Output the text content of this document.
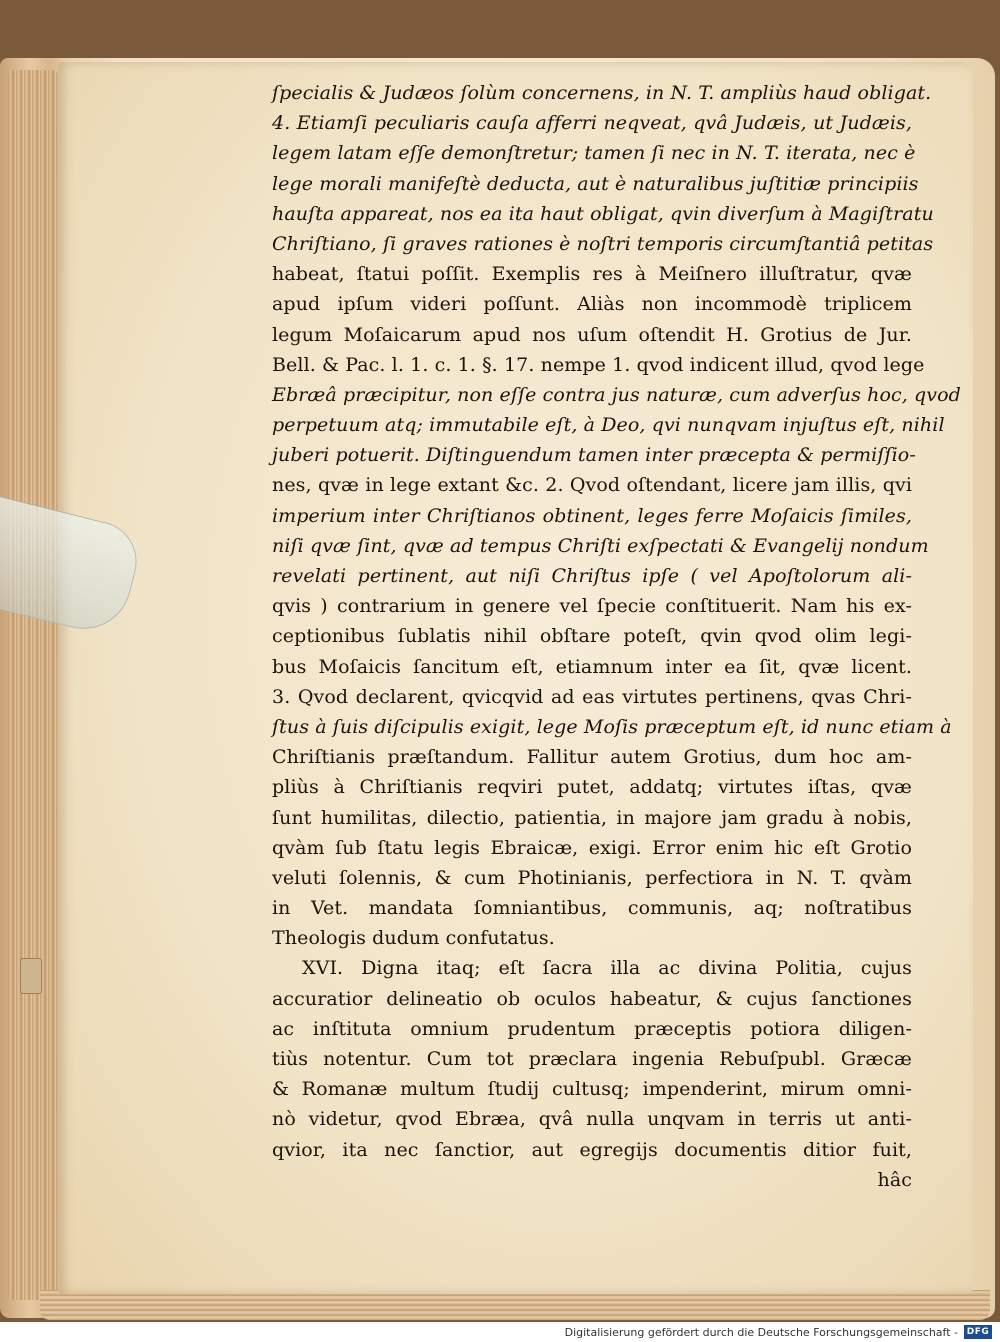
ſpecialis & Judæos ſolùm concernens, in N. T. ampliùs haud obligat.
4. Etiamſi peculiaris cauſa afferri neqveat, qvâ Judæis, ut Judæis,
legem latam eſſe demonſtretur; tamen ſi nec in N. T. iterata, nec è
lege morali manifeſtè deducta, aut è naturalibus juſtitiæ principiis
hauſta appareat, nos ea ita haut obligat, qvin diverſum à Magiſtratu
Chriſtiano, ſi graves rationes è noſtri temporis circumſtantiâ petitas
habeat, ſtatui poſſit. Exemplis res à Meiſnero illuſtratur, qvæ
apud ipſum videri poſſunt. Aliàs non incommodè triplicem
legum Moſaicarum apud nos uſum oſtendit H. Grotius de Jur.
Bell. & Pac. l. 1. c. 1. §. 17. nempe 1. qvod indicent illud, qvod lege
Ebræâ præcipitur, non eſſe contra jus naturæ, cum adverſus hoc, qvod
perpetuum atq; immutabile eſt, à Deo, qvi nunqvam injuſtus eſt, nihil
juberi potuerit. Diſtinguendum tamen inter præcepta & permiſſio-
nes, qvæ in lege extant &c. 2. Qvod oſtendant, licere jam illis, qvi
imperium inter Chriſtianos obtinent, leges ferre Moſaicis ſimiles,
niſi qvæ ſint, qvæ ad tempus Chriſti exſpectati & Evangelij nondum
revelati pertinent, aut niſi Chriſtus ipſe ( vel Apoſtolorum ali-
qvis ) contrarium in genere vel ſpecie conſtituerit. Nam his ex-
ceptionibus ſublatis nihil obſtare poteſt, qvin qvod olim legi-
bus Moſaicis ſancitum eſt, etiamnum inter ea ſit, qvæ licent.
3. Qvod declarent, qvicqvid ad eas virtutes pertinens, qvas Chri-
ſtus à ſuis diſcipulis exigit, lege Moſis præceptum eſt, id nunc etiam à
Chriſtianis præſtandum. Fallitur autem Grotius, dum hoc am-
pliùs à Chriſtianis reqviri putet, addatq; virtutes iſtas, qvæ
ſunt humilitas, dilectio, patientia, in majore jam gradu à nobis,
qvàm ſub ſtatu legis Ebraicæ, exigi. Error enim hic eſt Grotio
veluti ſolennis, & cum Photinianis, perfectiora in N. T. qvàm
in Vet. mandata ſomniantibus, communis, aq; noſtratibus
Theologis dudum confutatus.
XVI. Digna itaq; eſt ſacra illa ac divina Politia, cujus
accuratior delineatio ob oculos habeatur, & cujus ſanctiones
ac inſtituta omnium prudentum præceptis potiora diligen-
tiùs notentur. Cum tot præclara ingenia Rebuſpubl. Græcæ
& Romanæ multum ſtudij cultusq; impenderint, mirum omni-
nò videtur, qvod Ebræa, qvâ nulla unqvam in terris ut anti-
qvior, ita nec ſanctior, aut egregijs documentis ditior fuit,
hâc
Digitalisierung gefördert durch die Deutsche Forschungsgemeinschaft - DFG
